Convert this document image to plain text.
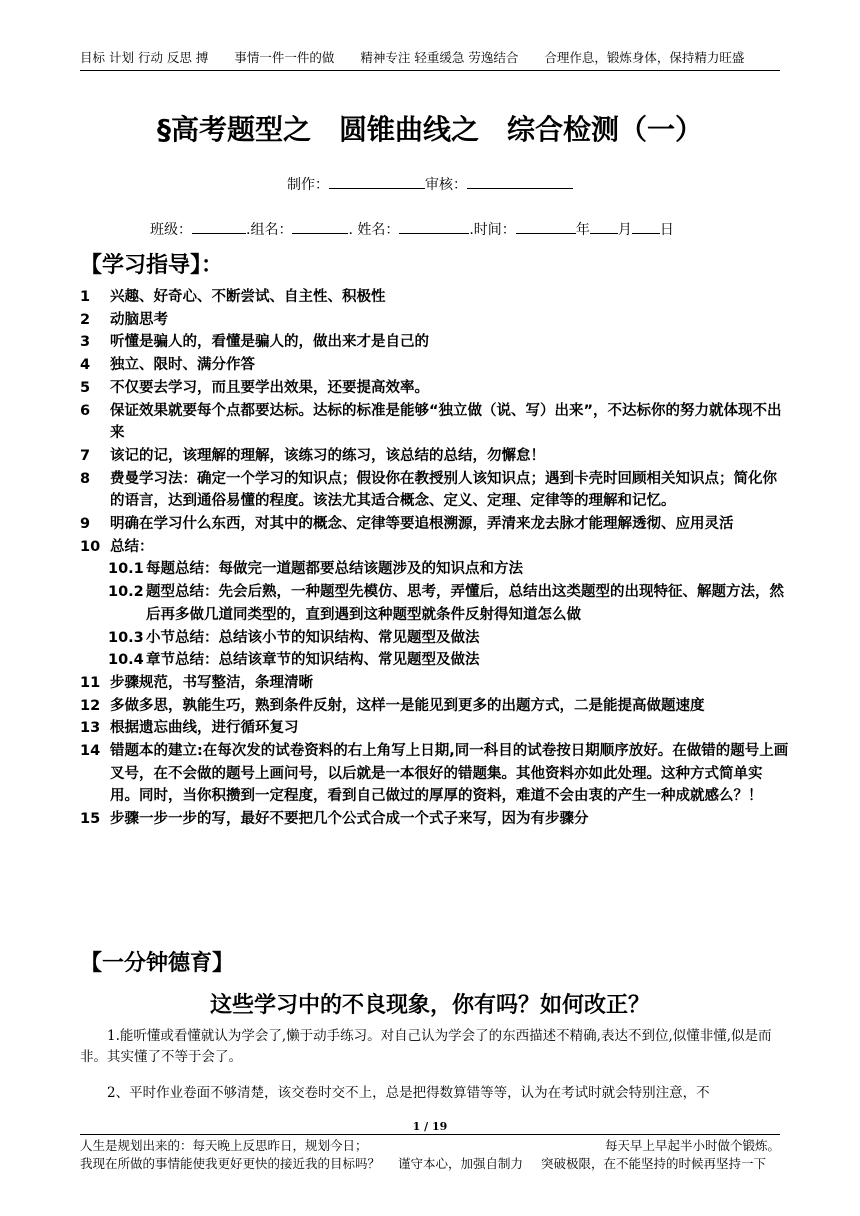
目标 计划 行动 反思 搏 事情一件一件的做 精神专注 轻重缓急 劳逸结合 合理作息，锻炼身体，保持精力旺盛
§高考题型之 圆锥曲线之 综合检测（一）
制作：	审核：
班级：	.组名：	. 姓名：	.时间：	年 月 日
【学习指导】：
1	兴趣、好奇心、不断尝试、自主性、积极性
2	动脑思考
3	听懂是骗人的，看懂是骗人的，做出来才是自己的
4	独立、限时、满分作答
5	不仅要去学习，而且要学出效果，还要提高效率。
6	保证效果就要每个点都要达标。达标的标准是能够“独立做（说、写）出来”，不达标你的努力就体现不出来
7	该记的记，该理解的理解，该练习的练习，该总结的总结，勿懈怠！
8	费曼学习法：确定一个学习的知识点；假设你在教授别人该知识点；遇到卡壳时回顾相关知识点；简化你的语言，达到通俗易懂的程度。该法尤其适合概念、定义、定理、定律等的理解和记忆。
9	明确在学习什么东西，对其中的概念、定律等要追根溯源，弄清来龙去脉才能理解透彻、应用灵活
10 总结：
10.1 每题总结：每做完一道题都要总结该题涉及的知识点和方法
10.2 题型总结：先会后熟，一种题型先模仿、思考，弄懂后，总结出这类题型的出现特征、解题方法，然后再多做几道同类型的，直到遇到这种题型就条件反射得知道怎么做
10.3 小节总结：总结该小节的知识结构、常见题型及做法
10.4 章节总结：总结该章节的知识结构、常见题型及做法
11 步骤规范，书写整洁，条理清晰
12 多做多思，孰能生巧，熟到条件反射，这样一是能见到更多的出题方式，二是能提高做题速度
13 根据遗忘曲线，进行循环复习
14 错题本的建立:在每次发的试卷资料的右上角写上日期,同一科目的试卷按日期顺序放好。在做错的题号上画叉号，在不会做的题号上画问号，以后就是一本很好的错题集。其他资料亦如此处理。这种方式简单实用。同时，当你积攒到一定程度，看到自己做过的厚厚的资料，难道不会由衷的产生一种成就感么？！
15 步骤一步一步的写，最好不要把几个公式合成一个式子来写，因为有步骤分
【一分钟德育】
这些学习中的不良现象，你有吗？如何改正？
1.能听懂或看懂就认为学会了,懒于动手练习。对自己认为学会了的东西描述不精确,表达不到位,似懂非懂,似是而非。其实懂了不等于会了。
2、平时作业卷面不够清楚，该交卷时交不上，总是把得数算错等等，认为在考试时就会特别注意，不
1 / 19
人生是规划出来的：每天晚上反思昨日，规划今日；	每天早上早起半小时做个锻炼。
我现在所做的事情能使我更好更快的接近我的目标吗？ 谨守本心，加强自制力 突破极限，在不能坚持的时候再坚持一下
